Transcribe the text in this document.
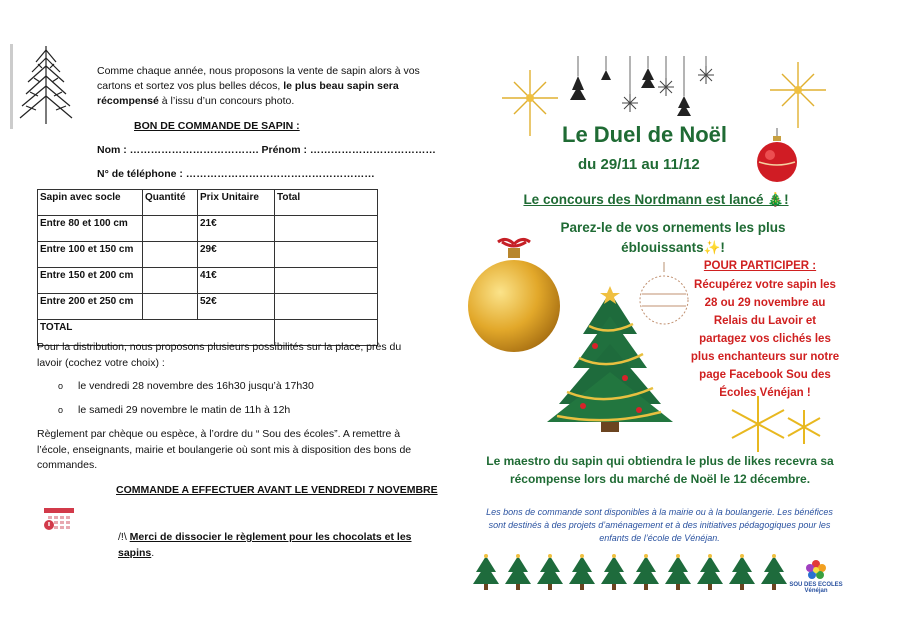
Comme chaque année, nous proposons la vente de sapin alors à vos cartons et sortez vos plus belles décos, le plus beau sapin sera récompensé à l’issu d’un concours photo.
BON DE COMMANDE DE SAPIN :
Nom : ………………………………. Prénom : ………………………………
N° de téléphone : ………………………………………………
Sapin avec socle	Quantité	Prix Unitaire	Total
Entre 80 et 100 cm		21€	
Entre 100 et 150 cm		29€	
Entre 150 et 200 cm		41€	
Entre 200 et 250 cm		52€	
TOTAL			
Pour la distribution, nous proposons plusieurs possibilités sur la place, près du lavoir (cochez votre choix) :
o le vendredi 28 novembre des 16h30 jusqu’à 17h30
o le samedi 29 novembre le matin de 11h à 12h
Règlement par chèque ou espèce, à l’ordre du “ Sou des écoles”. A remettre à l’école, enseignants, mairie et boulangerie où sont mis à disposition des bons de commandes.
COMMANDE A EFFECTUER AVANT LE VENDREDI 7 NOVEMBRE
/!\ Merci de dissocier le règlement pour les chocolats et les sapins.
Le Duel de Noël
du 29/11 au 11/12
Le concours des Nordmann est lancé 🎄!
Parez-le de vos ornements les plus éblouissants✨!
POUR PARTICIPER :
Récupérez votre sapin les 28 ou 29 novembre au Relais du Lavoir et partagez vos clichés les plus enchanteurs sur notre page Facebook Sou des Écoles Vénéjan !
Le maestro du sapin qui obtiendra le plus de likes recevra sa récompense lors du marché de Noël le 12 décembre.
Les bons de commande sont disponibles à la mairie ou à la boulangerie. Les bénéfices sont destinés à des projets d’aménagement et à des initiatives pédagogiques pour les enfants de l’école de Vénéjan.
SOU DES ECOLES Vénéjan
